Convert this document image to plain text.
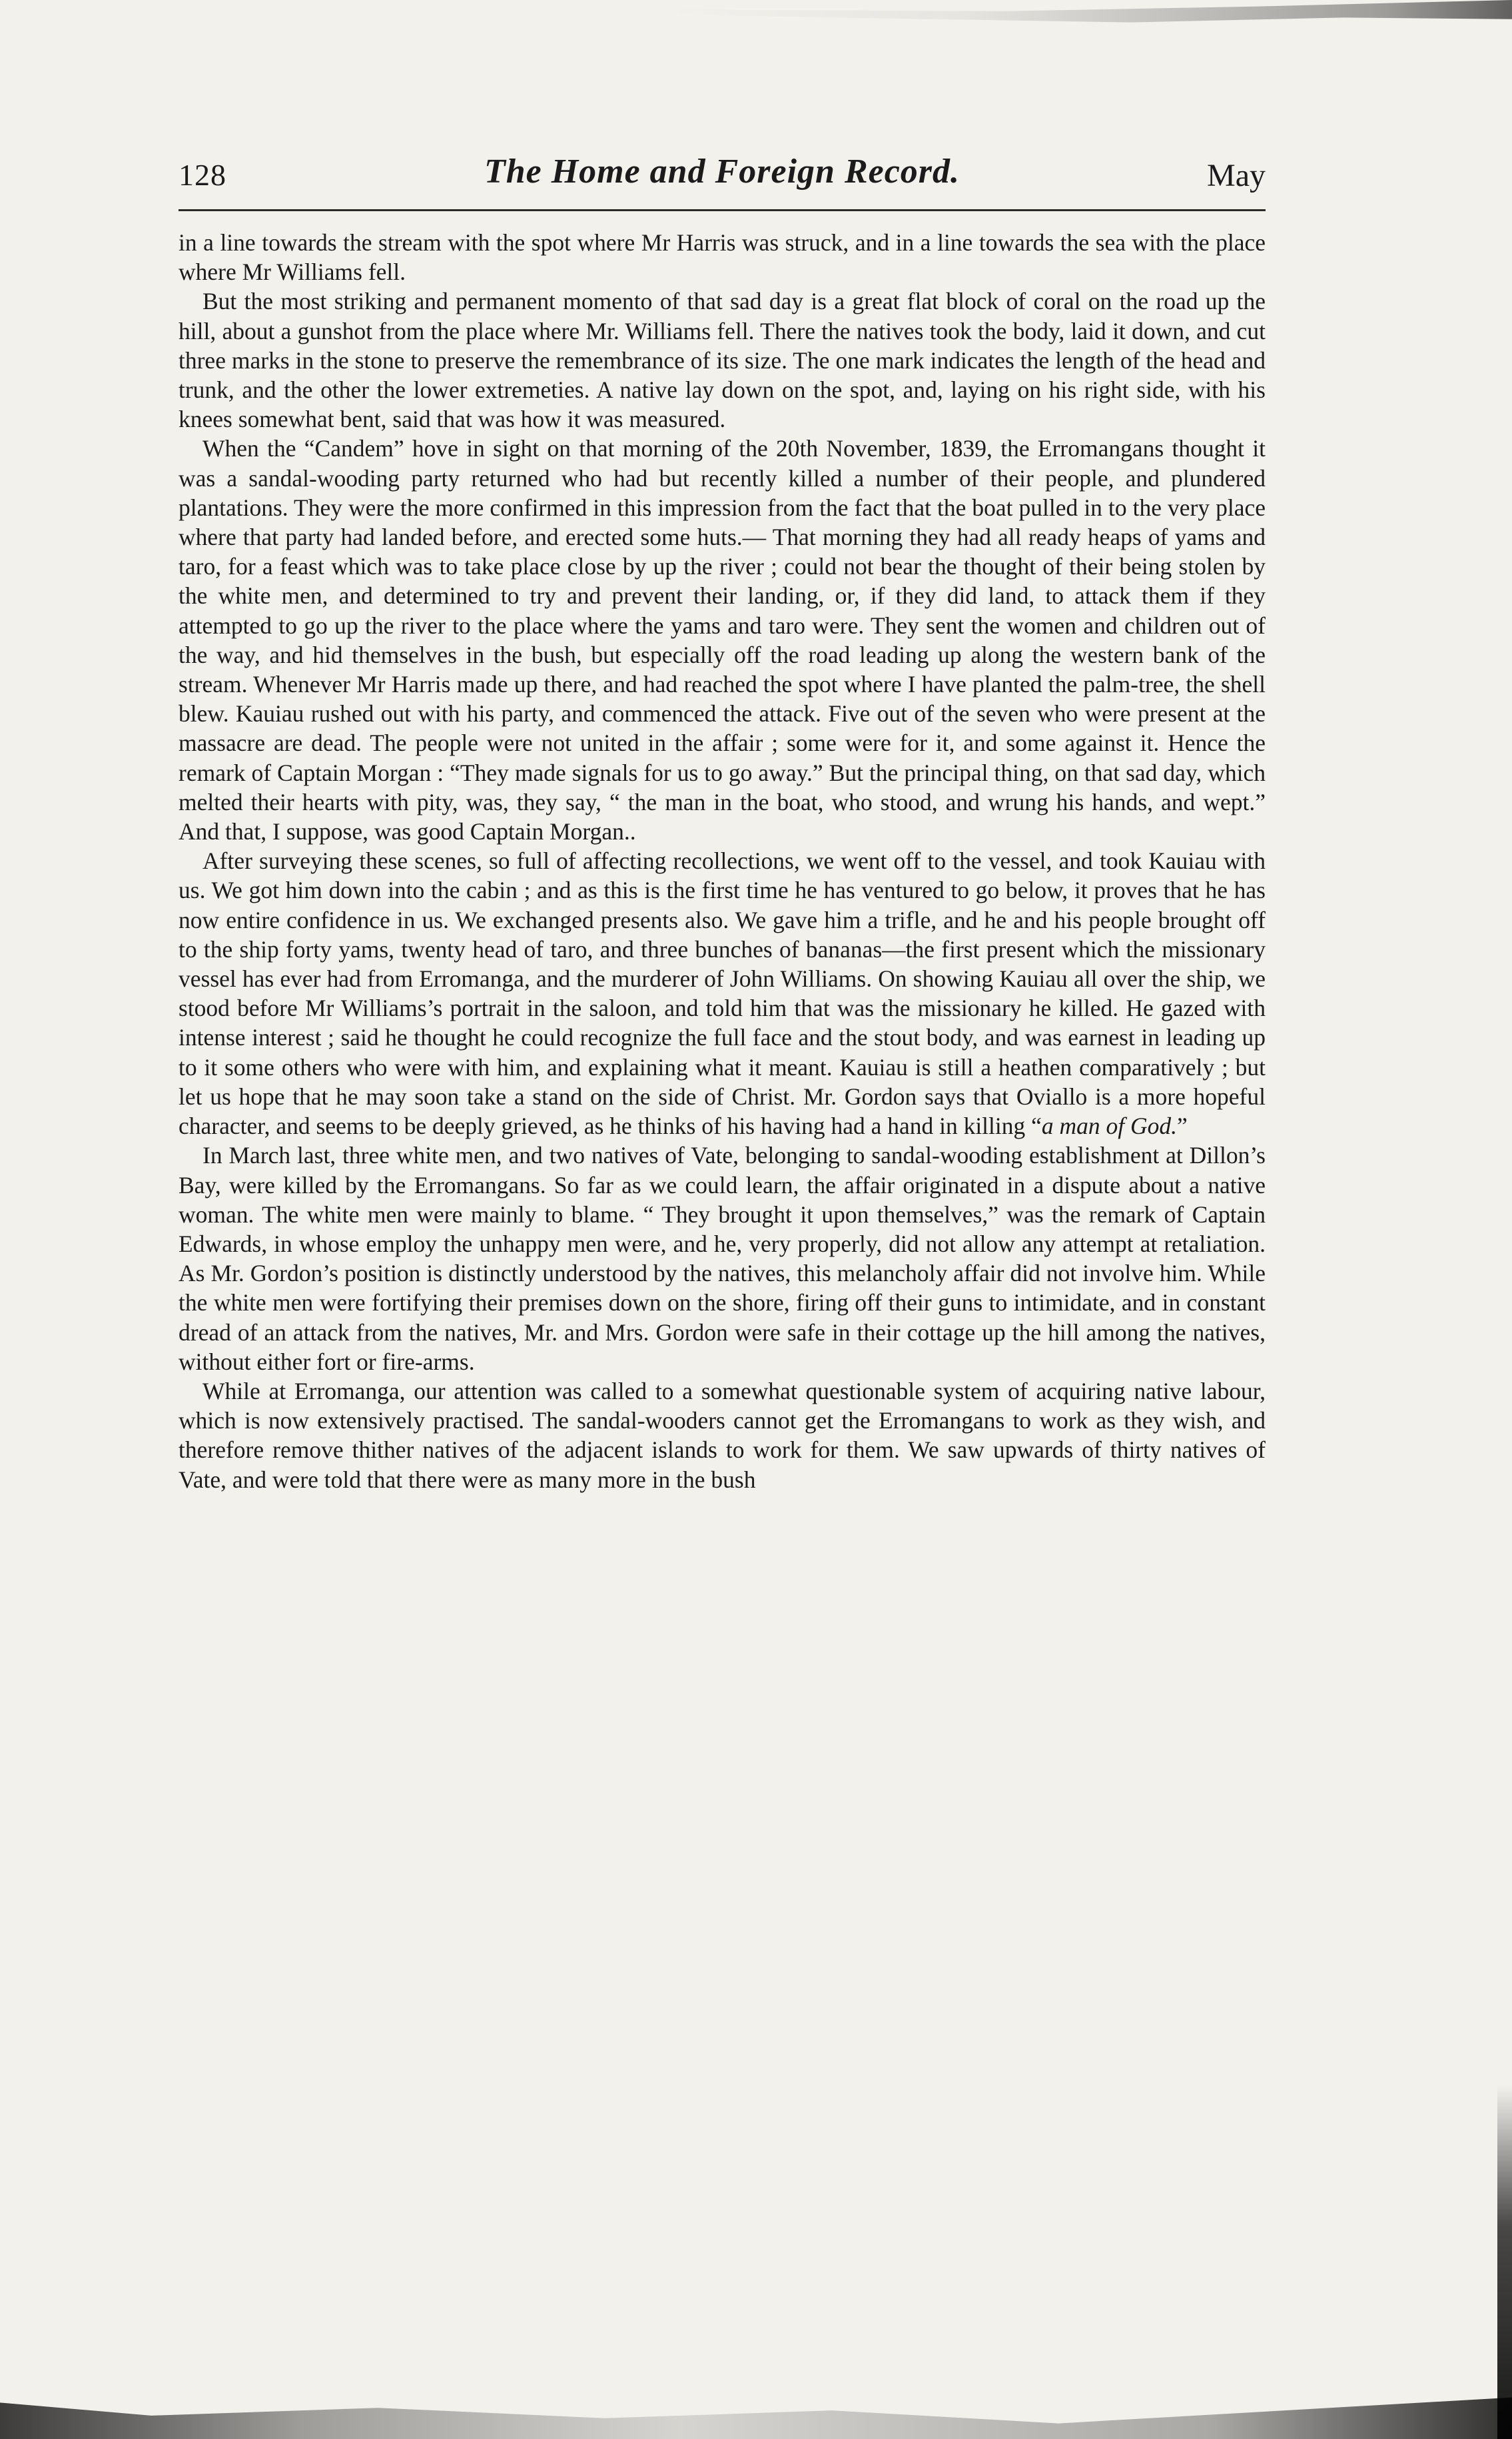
128	The Home and Foreign Record.	May

in a line towards the stream with the spot where Mr Harris was struck, and in a line towards the sea with the place where Mr Williams fell.

But the most striking and permanent momento of that sad day is a great flat block of coral on the road up the hill, about a gunshot from the place where Mr. Williams fell. There the natives took the body, laid it down, and cut three marks in the stone to preserve the remembrance of its size. The one mark indicates the length of the head and trunk, and the other the lower extremeties. A native lay down on the spot, and, laying on his right side, with his knees somewhat bent, said that was how it was measured.

When the “Candem” hove in sight on that morning of the 20th November, 1839, the Erromangans thought it was a sandal-wooding party returned who had but recently killed a number of their people, and plundered plantations. They were the more confirmed in this impression from the fact that the boat pulled in to the very place where that party had landed before, and erected some huts.— That morning they had all ready heaps of yams and taro, for a feast which was to take place close by up the river ; could not bear the thought of their being stolen by the white men, and determined to try and prevent their landing, or, if they did land, to attack them if they attempted to go up the river to the place where the yams and taro were. They sent the women and children out of the way, and hid themselves in the bush, but especially off the road leading up along the western bank of the stream. Whenever Mr Harris made up there, and had reached the spot where I have planted the palm-tree, the shell blew. Kauiau rushed out with his party, and commenced the attack. Five out of the seven who were present at the massacre are dead. The people were not united in the affair ; some were for it, and some against it. Hence the remark of Captain Morgan : “They made signals for us to go away.” But the principal thing, on that sad day, which melted their hearts with pity, was, they say, “ the man in the boat, who stood, and wrung his hands, and wept.” And that, I suppose, was good Captain Morgan..

After surveying these scenes, so full of affecting recollections, we went off to the vessel, and took Kauiau with us. We got him down into the cabin ; and as this is the first time he has ventured to go below, it proves that he has now entire confidence in us. We exchanged presents also. We gave him a trifle, and he and his people brought off to the ship forty yams, twenty head of taro, and three bunches of bananas—the first present which the missionary vessel has ever had from Erromanga, and the murderer of John Williams. On showing Kauiau all over the ship, we stood before Mr Williams’s portrait in the saloon, and told him that was the missionary he killed. He gazed with intense interest ; said he thought he could recognize the full face and the stout body, and was earnest in leading up to it some others who were with him, and explaining what it meant. Kauiau is still a heathen comparatively ; but let us hope that he may soon take a stand on the side of Christ. Mr. Gordon says that Oviallo is a more hopeful character, and seems to be deeply grieved, as he thinks of his having had a hand in killing “a man of God.”

In March last, three white men, and two natives of Vate, belonging to sandal-wooding establishment at Dillon’s Bay, were killed by the Erromangans. So far as we could learn, the affair originated in a dispute about a native woman. The white men were mainly to blame. “ They brought it upon themselves,” was the remark of Captain Edwards, in whose employ the unhappy men were, and he, very properly, did not allow any attempt at retaliation. As Mr. Gordon’s position is distinctly understood by the natives, this melancholy affair did not involve him. While the white men were fortifying their premises down on the shore, firing off their guns to intimidate, and in constant dread of an attack from the natives, Mr. and Mrs. Gordon were safe in their cottage up the hill among the natives, without either fort or fire-arms.

While at Erromanga, our attention was called to a somewhat questionable system of acquiring native labour, which is now extensively practised. The sandal-wooders cannot get the Erromangans to work as they wish, and therefore remove thither natives of the adjacent islands to work for them. We saw upwards of thirty natives of Vate, and were told that there were as many more in the bush
